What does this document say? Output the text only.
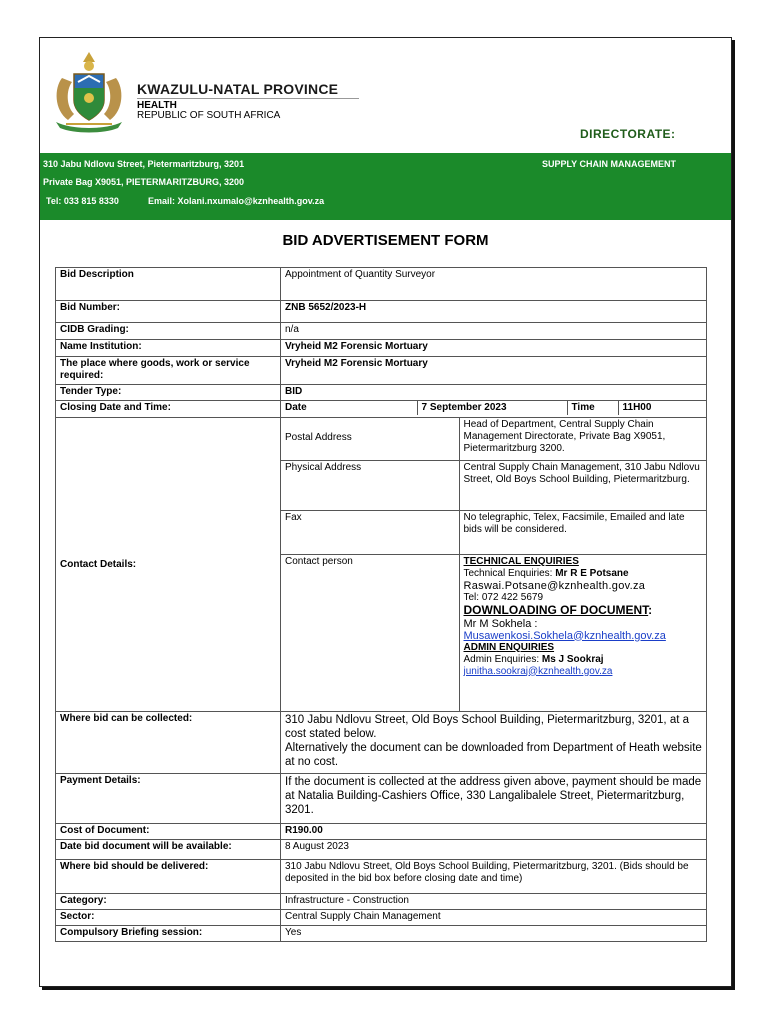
KWAZULU-NATAL PROVINCE
HEALTH
REPUBLIC OF SOUTH AFRICA
DIRECTORATE:
310 Jabu Ndlovu Street, Pietermaritzburg, 3201
Private Bag X9051, PIETERMARITZBURG, 3200
Tel: 033 815 8330	Email: Xolani.nxumalo@kznhealth.gov.za
SUPPLY CHAIN MANAGEMENT
BID ADVERTISEMENT FORM
Bid Description	Appointment of Quantity Surveyor
Bid Number:	ZNB 5652/2023-H
CIDB Grading:	n/a
Name Institution:	Vryheid M2 Forensic Mortuary
The place where goods, work or service required:	Vryheid M2 Forensic Mortuary
Tender Type:	BID
Closing Date and Time:		Date	7 September 2023	Time	11H00

Contact Details:	
Postal Address	Head of Department, Central Supply Chain Management Directorate, Private Bag X9051, Pietermaritzburg 3200.
Physical Address	Central Supply Chain Management, 310 Jabu Ndlovu Street, Old Boys School Building, Pietermaritzburg.
Fax	No telegraphic, Telex, Facsimile, Emailed and late bids will be considered.
Contact person	TECHNICAL ENQUIRIES
Technical Enquiries: Mr R E Potsane
Raswai.Potsane@kznhealth.gov.za
Tel: 072 422 5679
DOWNLOADING OF DOCUMENT:
Mr M Sokhela :
Musawenkosi.Sokhela@kznhealth.gov.za
ADMIN ENQUIRIES
Admin Enquiries: Ms J Sookraj
junitha.sookraj@kznhealth.gov.za

Where bid can be collected:	310 Jabu Ndlovu Street, Old Boys School Building, Pietermaritzburg, 3201, at a cost stated below.
Alternatively the document can be downloaded from Department of Heath website at no cost.

Payment Details:	If the document is collected at the address given above, payment should be made at Natalia Building-Cashiers Office, 330 Langalibalele Street, Pietermaritzburg, 3201.
Cost of Document:	R190.00
Date bid document will be available:	8 August 2023
Where bid should be delivered:	310 Jabu Ndlovu Street, Old Boys School Building, Pietermaritzburg, 3201. (Bids should be deposited in the bid box before closing date and time)
Category:	Infrastructure - Construction
Sector:	Central Supply Chain Management
Compulsory Briefing session:	Yes
